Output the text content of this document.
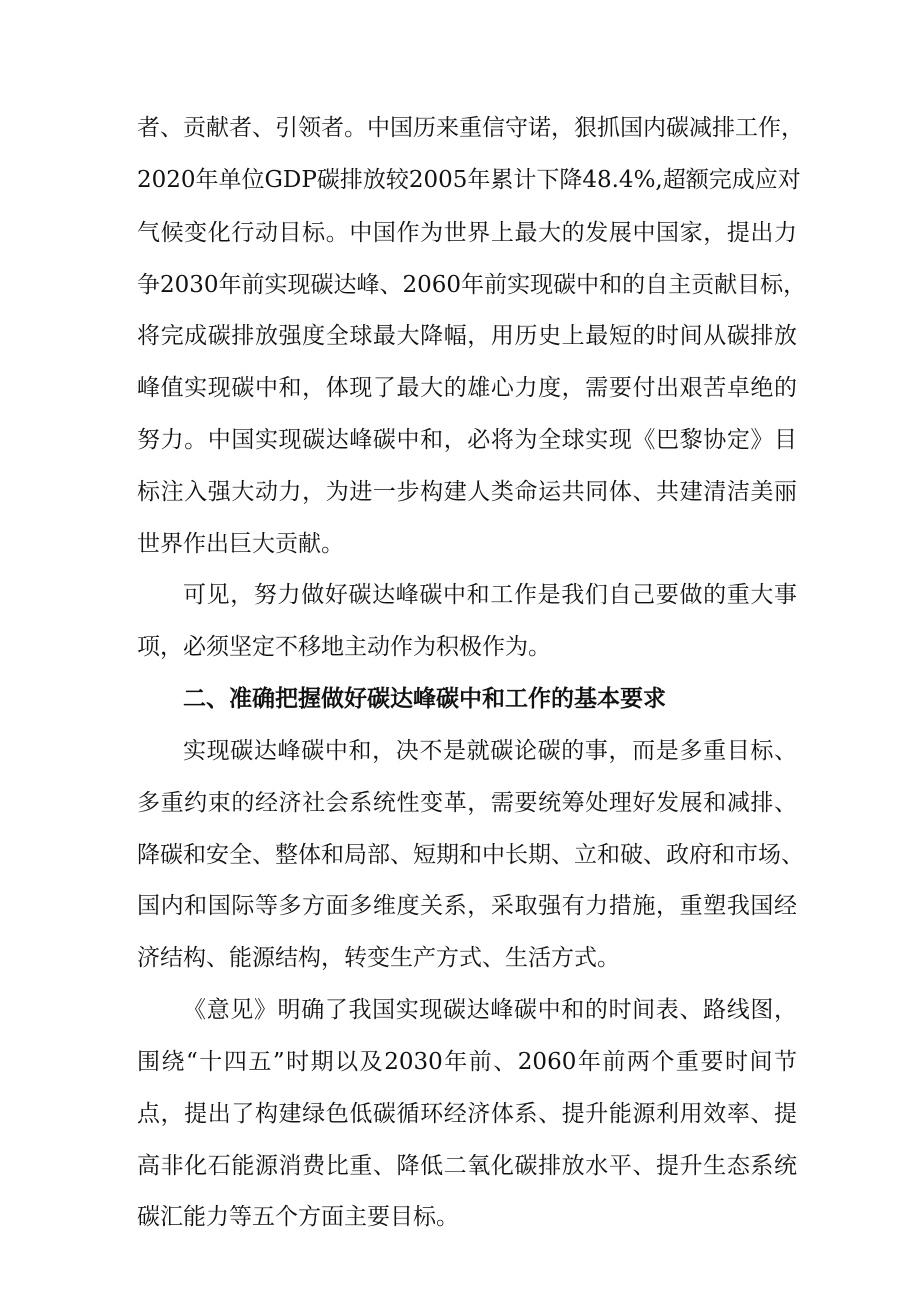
者、贡献者、引领者。中国历来重信守诺，狠抓国内碳减排工作，
2020年单位GDP碳排放较2005年累计下降48.4%,超额完成应对
气候变化行动目标。中国作为世界上最大的发展中国家，提出力
争2030年前实现碳达峰、2060年前实现碳中和的自主贡献目标，
将完成碳排放强度全球最大降幅，用历史上最短的时间从碳排放
峰值实现碳中和，体现了最大的雄心力度，需要付出艰苦卓绝的
努力。中国实现碳达峰碳中和，必将为全球实现《巴黎协定》目
标注入强大动力，为进一步构建人类命运共同体、共建清洁美丽
世界作出巨大贡献。
可见，努力做好碳达峰碳中和工作是我们自己要做的重大事
项，必须坚定不移地主动作为积极作为。
二、准确把握做好碳达峰碳中和工作的基本要求
实现碳达峰碳中和，决不是就碳论碳的事，而是多重目标、
多重约束的经济社会系统性变革，需要统筹处理好发展和减排、
降碳和安全、整体和局部、短期和中长期、立和破、政府和市场、
国内和国际等多方面多维度关系，采取强有力措施，重塑我国经
济结构、能源结构，转变生产方式、生活方式。
《意见》明确了我国实现碳达峰碳中和的时间表、路线图，
围绕“十四五”时期以及2030年前、2060年前两个重要时间节
点，提出了构建绿色低碳循环经济体系、提升能源利用效率、提
高非化石能源消费比重、降低二氧化碳排放水平、提升生态系统
碳汇能力等五个方面主要目标。
